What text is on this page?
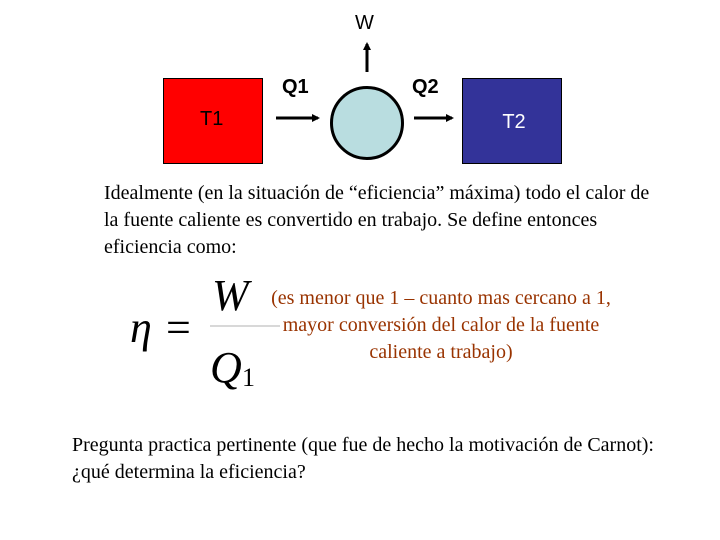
W
Q1	Q2
T1	T2
Idealmente (en la situación de “eficiencia” máxima) todo el calor de la fuente caliente es convertido en trabajo. Se define entonces eficiencia como:
η =
W
Q 1
(es menor que 1 – cuanto mas cercano a 1, mayor conversión del calor de la fuente caliente a trabajo)
Pregunta practica pertinente (que fue de hecho la motivación de Carnot): ¿qué determina la eficiencia?
